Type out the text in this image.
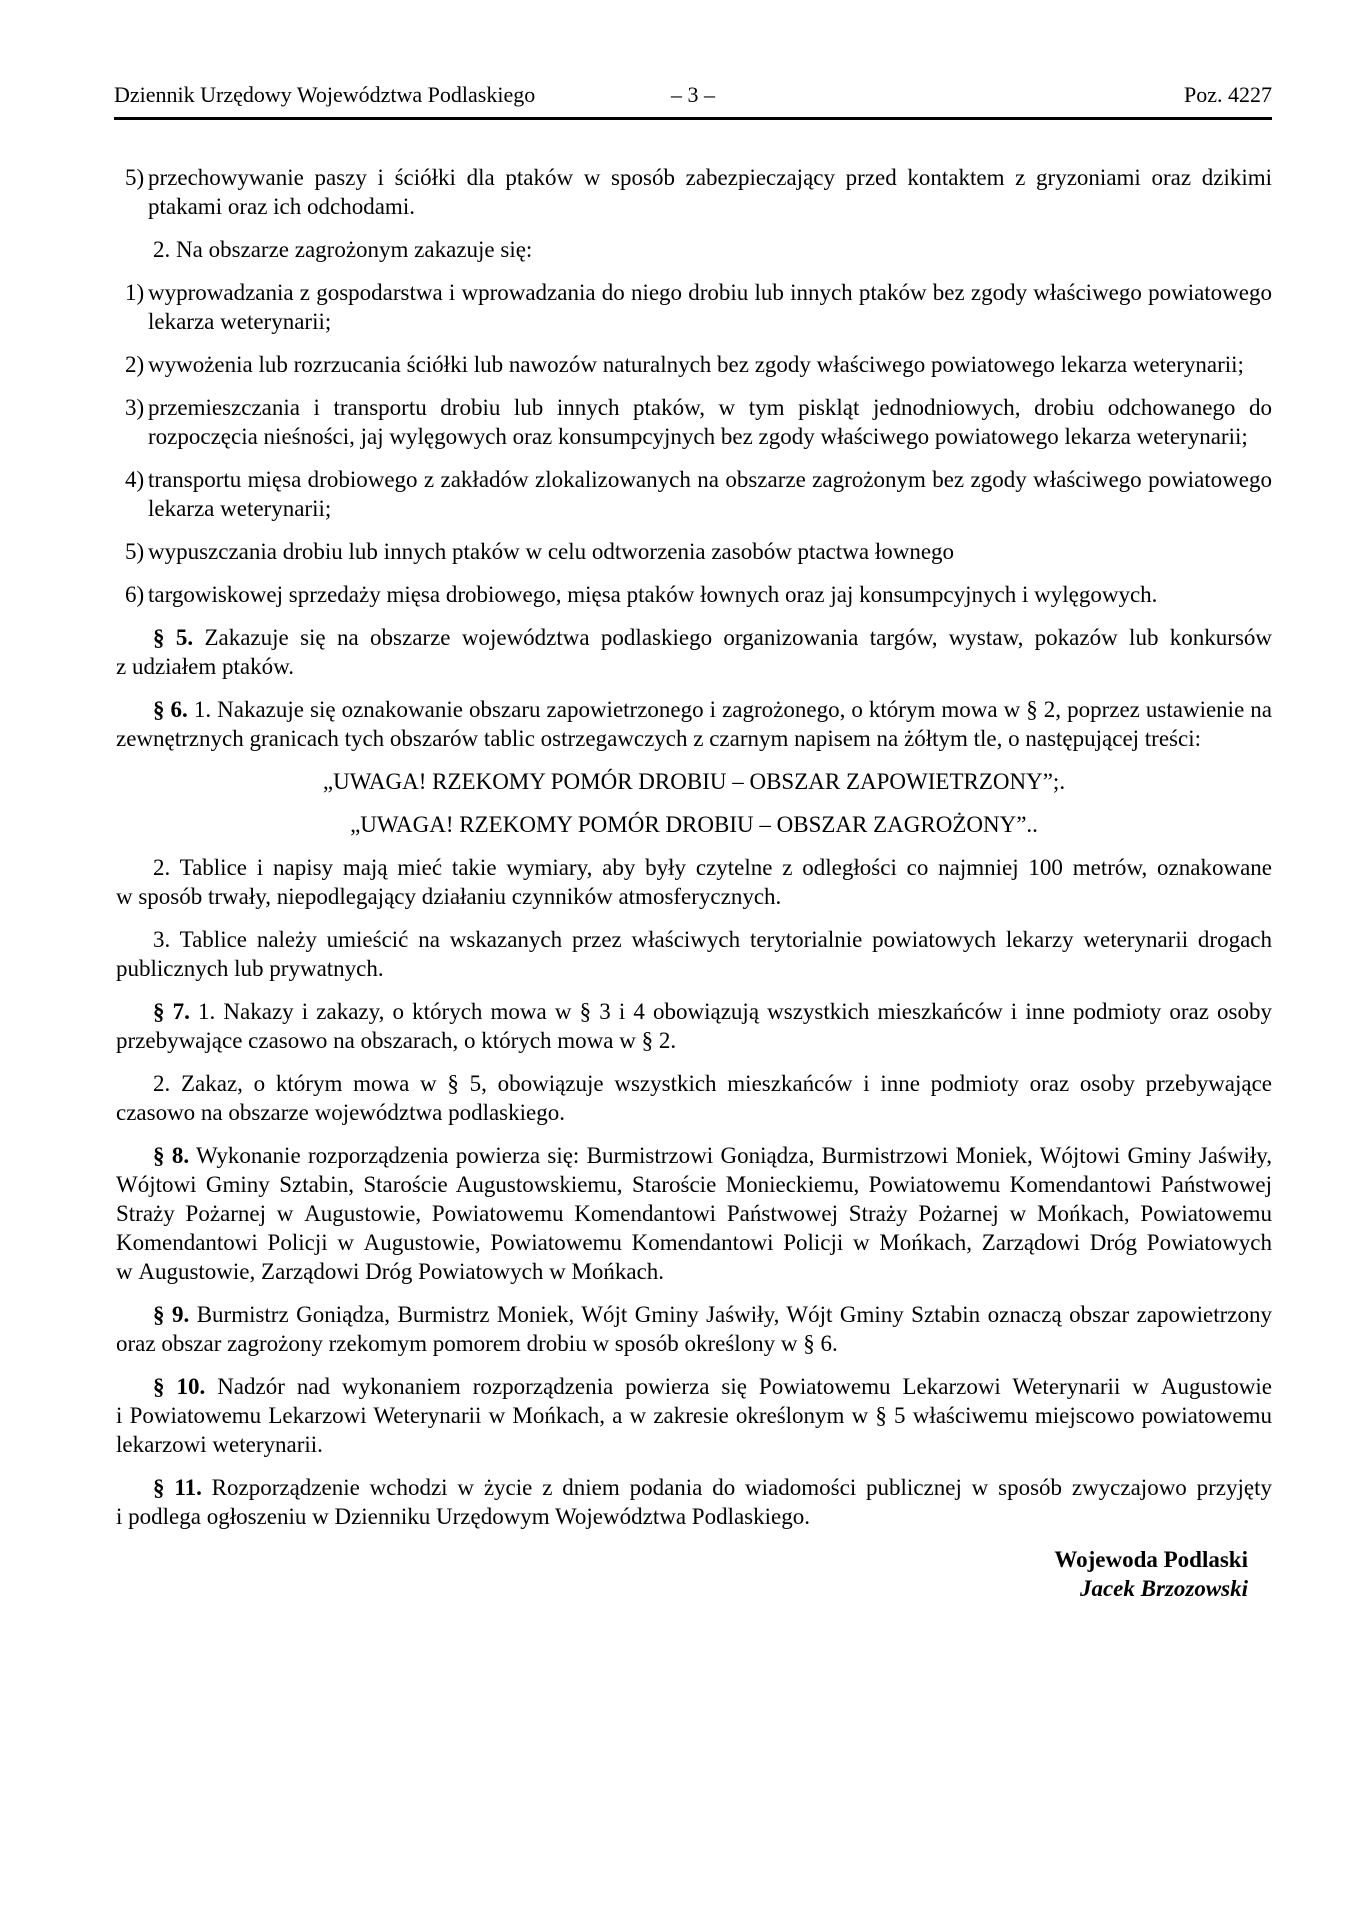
Dziennik Urzędowy Województwa Podlaskiego	– 3 –	Poz. 4227

5) przechowywanie paszy i ściółki dla ptaków w sposób zabezpieczający przed kontaktem z gryzoniami oraz dzikimi ptakami oraz ich odchodami.

2. Na obszarze zagrożonym zakazuje się:

1) wyprowadzania z gospodarstwa i wprowadzania do niego drobiu lub innych ptaków bez zgody właściwego powiatowego lekarza weterynarii;

2) wywożenia lub rozrzucania ściółki lub nawozów naturalnych bez zgody właściwego powiatowego lekarza weterynarii;

3) przemieszczania i transportu drobiu lub innych ptaków, w tym piskląt jednodniowych, drobiu odchowanego do rozpoczęcia nieśności, jaj wylęgowych oraz konsumpcyjnych bez zgody właściwego powiatowego lekarza weterynarii;

4) transportu mięsa drobiowego z zakładów zlokalizowanych na obszarze zagrożonym bez zgody właściwego powiatowego lekarza weterynarii;

5) wypuszczania drobiu lub innych ptaków w celu odtworzenia zasobów ptactwa łownego

6) targowiskowej sprzedaży mięsa drobiowego, mięsa ptaków łownych oraz jaj konsumpcyjnych i wylęgowych.

§ 5. Zakazuje się na obszarze województwa podlaskiego organizowania targów, wystaw, pokazów lub konkursów z udziałem ptaków.

§ 6. 1. Nakazuje się oznakowanie obszaru zapowietrzonego i zagrożonego, o którym mowa w § 2, poprzez ustawienie na zewnętrznych granicach tych obszarów tablic ostrzegawczych z czarnym napisem na żółtym tle, o następującej treści:

„UWAGA! RZEKOMY POMÓR DROBIU – OBSZAR ZAPOWIETRZONY”;.

„UWAGA! RZEKOMY POMÓR DROBIU – OBSZAR ZAGROŻONY”..

2. Tablice i napisy mają mieć takie wymiary, aby były czytelne z odległości co najmniej 100 metrów, oznakowane w sposób trwały, niepodlegający działaniu czynników atmosferycznych.

3. Tablice należy umieścić na wskazanych przez właściwych terytorialnie powiatowych lekarzy weterynarii drogach publicznych lub prywatnych.

§ 7. 1. Nakazy i zakazy, o których mowa w § 3 i 4 obowiązują wszystkich mieszkańców i inne podmioty oraz osoby przebywające czasowo na obszarach, o których mowa w § 2.

2. Zakaz, o którym mowa w § 5, obowiązuje wszystkich mieszkańców i inne podmioty oraz osoby przebywające czasowo na obszarze województwa podlaskiego.

§ 8. Wykonanie rozporządzenia powierza się: Burmistrzowi Goniądza, Burmistrzowi Moniek, Wójtowi Gminy Jaświły, Wójtowi Gminy Sztabin, Staroście Augustowskiemu, Staroście Monieckiemu, Powiatowemu Komendantowi Państwowej Straży Pożarnej w Augustowie, Powiatowemu Komendantowi Państwowej Straży Pożarnej w Mońkach, Powiatowemu Komendantowi Policji w Augustowie, Powiatowemu Komendantowi Policji w Mońkach, Zarządowi Dróg Powiatowych w Augustowie, Zarządowi Dróg Powiatowych w Mońkach.

§ 9. Burmistrz Goniądza, Burmistrz Moniek, Wójt Gminy Jaświły, Wójt Gminy Sztabin oznaczą obszar zapowietrzony oraz obszar zagrożony rzekomym pomorem drobiu w sposób określony w § 6.

§ 10. Nadzór nad wykonaniem rozporządzenia powierza się Powiatowemu Lekarzowi Weterynarii w Augustowie i Powiatowemu Lekarzowi Weterynarii w Mońkach, a w zakresie określonym w § 5 właściwemu miejscowo powiatowemu lekarzowi weterynarii.

§ 11. Rozporządzenie wchodzi w życie z dniem podania do wiadomości publicznej w sposób zwyczajowo przyjęty i podlega ogłoszeniu w Dzienniku Urzędowym Województwa Podlaskiego.

Wojewoda Podlaski
Jacek Brzozowski
